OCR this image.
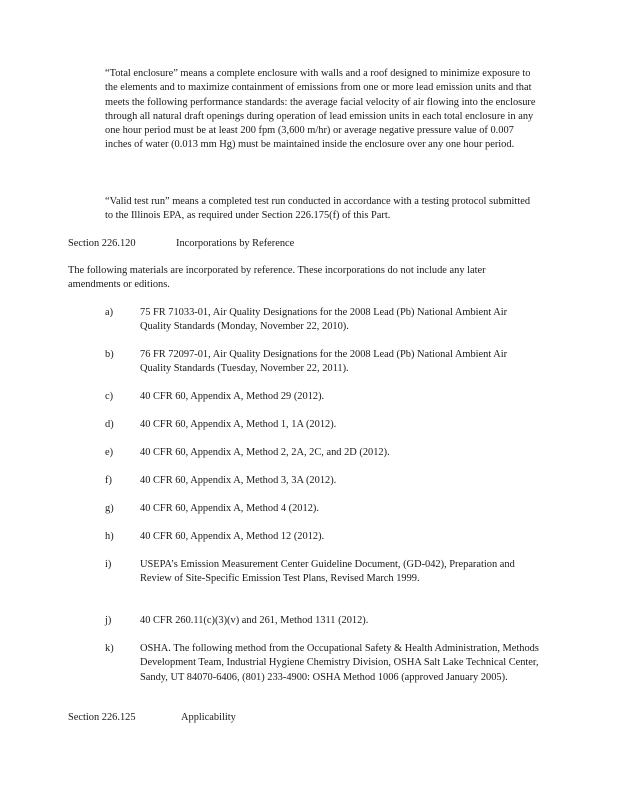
“Total enclosure” means a complete enclosure with walls and a roof designed to minimize exposure to the elements and to maximize containment of emissions from one or more lead emission units and that meets the following performance standards: the average facial velocity of air flowing into the enclosure through all natural draft openings during operation of lead emission units in each total enclosure in any one hour period must be at least 200 fpm (3,600 m/hr) or average negative pressure value of 0.007 inches of water (0.013 mm Hg) must be maintained inside the enclosure over any one hour period.

“Valid test run” means a completed test run conducted in accordance with a testing protocol submitted to the Illinois EPA, as required under Section 226.175(f) of this Part.

Section 226.120	Incorporations by Reference

The following materials are incorporated by reference. These incorporations do not include any later amendments or editions.

a)	75 FR 71033-01, Air Quality Designations for the 2008 Lead (Pb) National Ambient Air Quality Standards (Monday, November 22, 2010).

b)	76 FR 72097-01, Air Quality Designations for the 2008 Lead (Pb) National Ambient Air Quality Standards (Tuesday, November 22, 2011).

c)	40 CFR 60, Appendix A, Method 29 (2012).

d)	40 CFR 60, Appendix A, Method 1, 1A (2012).

e)	40 CFR 60, Appendix A, Method 2, 2A, 2C, and 2D (2012).

f)	40 CFR 60, Appendix A, Method 3, 3A (2012).

g)	40 CFR 60, Appendix A, Method 4 (2012).

h)	40 CFR 60, Appendix A, Method 12 (2012).

i)	USEPA’s Emission Measurement Center Guideline Document, (GD-042), Preparation and Review of Site-Specific Emission Test Plans, Revised March 1999.

j)	40 CFR 260.11(c)(3)(v) and 261, Method 1311 (2012).

k)	OSHA. The following method from the Occupational Safety & Health Administration, Methods Development Team, Industrial Hygiene Chemistry Division, OSHA Salt Lake Technical Center, Sandy, UT 84070-6406, (801) 233-4900: OSHA Method 1006 (approved January 2005).

Section 226.125	Applicability
